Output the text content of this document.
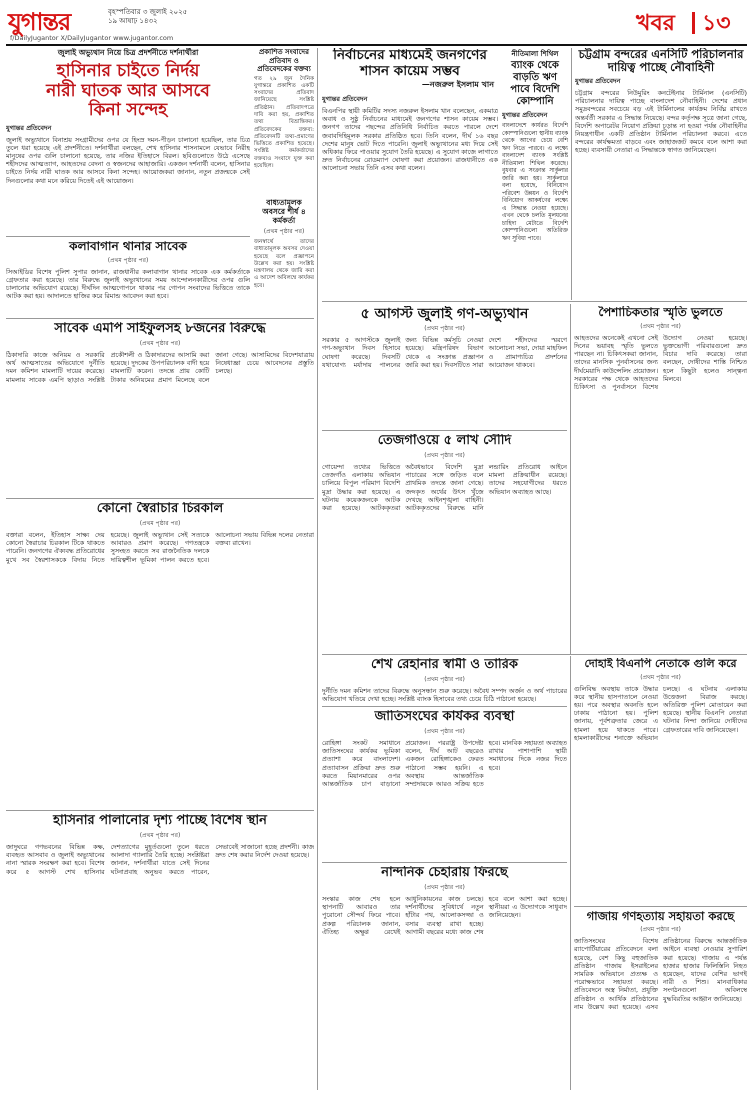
যুগান্তর	বৃহস্পতিবার ৩ জুলাই ২০২৫
১৯ আষাঢ় ১৪৩২
f/DailyJugantor X/DailyJugantor www.jugantor.com
খবর ১৩
জুলাই অভ্যুথান নিয়ে চিত্র প্রদর্শনীতে দর্শনার্থীরা
হাসিনার চাইতে নির্দয়
নারী ঘাতক আর আসবে
কিনা সন্দেহ
যুগান্তর প্রতিবেদন
জুলাই অভ্যুথানে বিনাশ্রয় সংগ্রামীদের ওপর যে হিংস্র দমন-পীড়ন চালানো হয়েছিল, তার চিত্র তুলে ধরা হয়েছে এই প্রদর্শনীতে। দর্শনার্থীরা বলছেন, শেখ হাসিনার শাসনামলে যেভাবে নিরীহ মানুষের ওপর গুলি চালানো হয়েছে, তার নজির ইতিহাসে বিরল। ছবিগুলোতে উঠে এসেছে শহীদদের আত্মত্যাগ, আহতদের বেদনা ও স্বজনদের আহাজারি। একজন দর্শনার্থী বলেন, হাসিনার চাইতে নির্দয় নারী ঘাতক আর আসবে কিনা সন্দেহ। আয়োজকরা জানান, নতুন প্রজন্মকে সেই দিনগুলোর কথা মনে করিয়ে দিতেই এই আয়োজন।
প্রকাশিত সংবাদের প্রতিবাদ ও প্রতিবেদকের বক্তব্য
গত ২৯ জুন দৈনিক যুগান্তরে প্রকাশিত একটি সংবাদের প্রতিবাদ জানিয়েছে সংশ্লিষ্ট প্রতিষ্ঠান। প্রতিবাদপত্রে দাবি করা হয়, প্রকাশিত তথ্য বিভ্রান্তিকর। প্রতিবেদকের বক্তব্য: প্রতিবেদনটি তথ্য-প্রমাণের ভিত্তিতে প্রকাশিত হয়েছে। সংশ্লিষ্ট কর্মকর্তাদের বক্তব্যও সংবাদে যুক্ত করা হয়েছিল।
বাধ্যতামূলক অবসরে শীর্ষ ৪ কর্মকর্তা
(প্রথম পৃষ্ঠার পর)
জনস্বার্থে তাদের বাধ্যতামূলক অবসর দেওয়া হয়েছে বলে প্রজ্ঞাপনে উল্লেখ করা হয়। সংশ্লিষ্ট মন্ত্রণালয় থেকে জারি করা এ আদেশ অবিলম্বে কার্যকর হবে।
কলাবাগান থানার সাবেক
(প্রথম পৃষ্ঠার পর)
সিআইডির বিশেষ পুলিশ সুপার জানান, রাজধানীর কলাবাগান থানার সাবেক এক কর্মকর্তাকে গ্রেফতার করা হয়েছে। তার বিরুদ্ধে জুলাই অভ্যুথানের সময় আন্দোলনকারীদের ওপর গুলি চালানোর অভিযোগ রয়েছে। দীর্ঘদিন আত্মগোপনে থাকার পর গোপন সংবাদের ভিত্তিতে তাকে আটক করা হয়। আদালতে হাজির করে রিমান্ড আবেদন করা হবে।
সাবেক এমপি সাইফুলসহ ৮জনের বিরুদ্ধে
(প্রথম পৃষ্ঠার পর)
ঠিকাদারি কাজে অনিয়ম ও সরকারি অর্থ আত্মসাতের অভিযোগে দুর্নীতি দমন কমিশন মামলাটি দায়ের করেছে। মামলায় সাবেক এমপি ছাড়াও সংশ্লিষ্ট প্রকৌশলী ও ঠিকাদারদের আসামি করা হয়েছে। দুদকের উপপরিচালক বাদী হয়ে মামলাটি করেন। তদন্তে প্রায় কোটি টাকার অনিয়মের প্রমাণ মিলেছে বলে জানা গেছে। আসামিদের বিদেশযাত্রায় নিষেধাজ্ঞা চেয়ে আবেদনের প্রস্তুতি চলছে।
কোনো স্বৈরাচার চিরকাল
(প্রথম পৃষ্ঠার পর)
বক্তারা বলেন, ইতিহাস সাক্ষ্য দেয় কোনো স্বৈরাচার চিরকাল টিকে থাকতে পারেনি। জনগণের ঐক্যবদ্ধ প্রতিরোধের মুখে সব স্বৈরশাসককে বিদায় নিতে হয়েছে। জুলাই অভ্যুথান সেই সত্যকে আবারও প্রমাণ করেছে। গণতন্ত্রকে সুসংহত করতে সব রাজনৈতিক দলকে দায়িত্বশীল ভূমিকা পালন করতে হবে। আলোচনা সভায় বিভিন্ন দলের নেতারা বক্তব্য রাখেন।
হাসিনার পালানোর দৃশ্য পাচ্ছে বিশেষ স্থান
(প্রথম পৃষ্ঠার পর)
জাদুঘরে গণভবনের বিভিন্ন কক্ষ, ব্যবহৃত আসবাব ও জুলাই অভ্যুথানের নানা স্মারক সংরক্ষণ করা হবে। বিশেষ করে ৫ আগস্ট শেখ হাসিনার দেশত্যাগের মুহূর্তগুলো তুলে ধরতে আলাদা গ্যালারি তৈরি হচ্ছে। সংশ্লিষ্টরা জানান, দর্শনার্থীরা যাতে সেই দিনের ঘটনাপ্রবাহ অনুভব করতে পারেন, সেভাবেই সাজানো হচ্ছে প্রদর্শনী। কাজ দ্রুত শেষ করার নির্দেশ দেওয়া হয়েছে।
নির্বাচনের মাধ্যমেই জনগণের
শাসন কায়েম সম্ভব
—নজরুল ইসলাম খান
যুগান্তর প্রতিবেদন
বিএনপির স্থায়ী কমিটির সদস্য নজরুল ইসলাম খান বলেছেন, একমাত্র অবাধ ও সুষ্ঠু নির্বাচনের মাধ্যমেই জনগণের শাসন কায়েম সম্ভব। জনগণ তাদের পছন্দের প্রতিনিধি নির্বাচিত করতে পারলে দেশে জবাবদিহিমূলক সরকার প্রতিষ্ঠিত হবে। তিনি বলেন, দীর্ঘ ১৬ বছর দেশের মানুষ ভোট দিতে পারেনি। জুলাই অভ্যুথানের মধ্য দিয়ে সেই অধিকার ফিরে পাওয়ার সুযোগ তৈরি হয়েছে। এ সুযোগ কাজে লাগাতে দ্রুত নির্বাচনের রোডম্যাপ ঘোষণা করা প্রয়োজন। রাজধানীতে এক আলোচনা সভায় তিনি এসব কথা বলেন।
নীতিমালা শিথিল
ব্যাংক থেকে বাড়তি ঋণ পাবে বিদেশি কোম্পানি
যুগান্তর প্রতিবেদন
বাংলাদেশে কার্যরত বিদেশি কোম্পানিগুলো স্থানীয় ব্যাংক থেকে আগের চেয়ে বেশি ঋণ নিতে পারবে। এ লক্ষ্যে বাংলাদেশ ব্যাংক সংশ্লিষ্ট নীতিমালা শিথিল করেছে। বুধবার এ সংক্রান্ত সার্কুলার জারি করা হয়। সার্কুলারে বলা হয়েছে, বিনিয়োগ পরিবেশ উন্নয়ন ও বিদেশি বিনিয়োগ আকর্ষণের লক্ষ্যে এ সিদ্ধান্ত নেওয়া হয়েছে। এখন থেকে চলতি মূলধনের চাহিদা মেটাতে বিদেশি কোম্পানিগুলো অতিরিক্ত ঋণ সুবিধা পাবে।
চট্টগ্রাম বন্দরের এনসিটি পরিচালনার দায়িত্ব পাচ্ছে নৌবাহিনী
যুগান্তর প্রতিবেদন
চট্টগ্রাম বন্দরের নিউমুরিং কনটেইনার টার্মিনাল (এনসিটি) পরিচালনার দায়িত্ব পাচ্ছে বাংলাদেশ নৌবাহিনী। দেশের প্রধান সমুদ্রবন্দরের সবচেয়ে বড় এই টার্মিনালের কার্যক্রম নির্বিঘ্ন রাখতে অন্তর্বর্তী সরকার এ সিদ্ধান্ত নিয়েছে। বন্দর কর্তৃপক্ষ সূত্রে জানা গেছে, বিদেশি অপারেটর নিয়োগ প্রক্রিয়া চূড়ান্ত না হওয়া পর্যন্ত নৌবাহিনীর নিয়ন্ত্রণাধীন একটি প্রতিষ্ঠান টার্মিনাল পরিচালনা করবে। এতে বন্দরের কার্যক্ষমতা বাড়বে এবং জাহাজজট কমবে বলে আশা করা হচ্ছে। ব্যবসায়ী নেতারা এ সিদ্ধান্তকে স্বাগত জানিয়েছেন।
৫ আগস্ট জুলাই গণ-অভ্যুথান
(প্রথম পৃষ্ঠার পর)
সরকার ৫ আগস্টকে জুলাই গণ-অভ্যুথান দিবস হিসাবে ঘোষণা করেছে। দিবসটি যথাযোগ্য মর্যাদায় পালনের জন্য বিভিন্ন কর্মসূচি নেওয়া হয়েছে। মন্ত্রিপরিষদ বিভাগ থেকে এ সংক্রান্ত প্রজ্ঞাপন জারি করা হয়। দিবসটিতে সারা দেশে শহীদদের স্মরণে আলোচনা সভা, দোয়া মাহফিল ও প্রামাণ্যচিত্র প্রদর্শনের আয়োজন থাকবে।
তেজগাঁওয়ে ৫ লাখ সৌদি
(প্রথম পৃষ্ঠার পর)
গোয়েন্দা তথ্যের ভিত্তিতে তেজগাঁও এলাকায় অভিযান চালিয়ে বিপুল পরিমাণ বিদেশি মুদ্রা উদ্ধার করা হয়েছে। এ ঘটনায় কয়েকজনকে আটক করা হয়েছে। আটককৃতরা অবৈধভাবে বিদেশি মুদ্রা পাচারের সঙ্গে জড়িত বলে প্রাথমিক তদন্তে জানা গেছে। জব্দকৃত অর্থের উৎস খুঁজে দেখছে আইনশৃঙ্খলা বাহিনী। আটককৃতদের বিরুদ্ধে মানি লন্ডারিং প্রতিরোধ আইনে মামলা প্রক্রিয়াধীন রয়েছে। তাদের সহযোগীদের ধরতে অভিযান অব্যাহত আছে।
পৈশাচিকতার স্মৃতি ভুলতে
(প্রথম পৃষ্ঠার পর)
আহতদের অনেকেই এখনো সেই দিনের ভয়াবহ স্মৃতি ভুলতে পারছেন না। চিকিৎসকরা জানান, তাদের মানসিক পুনর্বাসনের জন্য দীর্ঘমেয়াদি কাউন্সেলিং প্রয়োজন। সরকারের পক্ষ থেকে আহতদের চিকিৎসা ও পুনর্বাসনে বিশেষ উদ্যোগ নেওয়া হয়েছে। ভুক্তভোগী পরিবারগুলো দ্রুত বিচার দাবি করেছে। তারা বলছেন, দোষীদের শাস্তি নিশ্চিত হলে কিছুটা হলেও সান্ত্বনা মিলবে।
শেখ রেহানার স্বামী ও তারিক
(প্রথম পৃষ্ঠার পর)
দুর্নীতি দমন কমিশন তাদের বিরুদ্ধে অনুসন্ধান শুরু করেছে। অবৈধ সম্পদ অর্জন ও অর্থ পাচারের অভিযোগ খতিয়ে দেখা হচ্ছে। সংশ্লিষ্ট ব্যাংক হিসাবের তথ্য চেয়ে চিঠি পাঠানো হয়েছে।
দোহাই বিএনপি নেতাকে গুলি করে
(প্রথম পৃষ্ঠার পর)
গুলিবিদ্ধ অবস্থায় তাকে উদ্ধার করে স্থানীয় হাসপাতালে নেওয়া হয়। পরে অবস্থার অবনতি হলে ঢাকায় পাঠানো হয়। পুলিশ জানায়, পূর্বশত্রুতার জেরে এ হামলা হয়ে থাকতে পারে। হামলাকারীদের শনাক্তে অভিযান চলছে। এ ঘটনায় এলাকায় উত্তেজনা বিরাজ করছে। অতিরিক্ত পুলিশ মোতায়েন করা হয়েছে। স্থানীয় বিএনপি নেতারা ঘটনার নিন্দা জানিয়ে দোষীদের গ্রেফতারের দাবি জানিয়েছেন।
জাতিসংঘের কার্যকর ব্যবস্থা
(প্রথম পৃষ্ঠার পর)
রোহিঙ্গা সংকট সমাধানে জাতিসংঘের কার্যকর ভূমিকা প্রত্যাশা করে বাংলাদেশ। প্রত্যাবাসন প্রক্রিয়া দ্রুত শুরু করতে মিয়ানমারের ওপর আন্তর্জাতিক চাপ বাড়ানো প্রয়োজন। পররাষ্ট্র উপদেষ্টা বলেন, দীর্ঘ আট বছরেও একজন রোহিঙ্গাকেও ফেরত পাঠানো সম্ভব হয়নি। এ অবস্থায় আন্তর্জাতিক সম্প্রদায়কে আরও সক্রিয় হতে হবে। মানবিক সহায়তা অব্যাহত রাখার পাশাপাশি স্থায়ী সমাধানের দিকে নজর দিতে হবে।
নান্দনিক চেহারায় ফিরছে
(প্রথম পৃষ্ঠার পর)
সংস্কার কাজ শেষ হলে স্থাপনাটি আবারও তার পুরোনো সৌন্দর্য ফিরে পাবে। প্রকল্প পরিচালক জানান, ঐতিহ্য অক্ষুণ্ণ রেখেই আধুনিকায়নের কাজ চলছে। দর্শনার্থীদের সুবিধার্থে নতুন হাঁটার পথ, আলোকসজ্জা ও বসার ব্যবস্থা রাখা হচ্ছে। আগামী বছরের মধ্যে কাজ শেষ হবে বলে আশা করা হচ্ছে। স্থানীয়রা এ উদ্যোগকে সাধুবাদ জানিয়েছেন।	গাজায় গণহত্যায় সহায়তা করছে
(প্রথম পৃষ্ঠার পর)
জাতিসংঘের বিশেষ র‍্যাপোর্টিয়ারের প্রতিবেদনে বলা হয়েছে, বেশ কিছু বহুজাতিক প্রতিষ্ঠান গাজায় ইসরাইলের সামরিক অভিযানে প্রত্যক্ষ ও পরোক্ষভাবে সহায়তা করছে। প্রতিবেদনে অস্ত্র নির্মাতা, প্রযুক্তি প্রতিষ্ঠান ও আর্থিক প্রতিষ্ঠানের নাম উল্লেখ করা হয়েছে। এসব প্রতিষ্ঠানের বিরুদ্ধে আন্তর্জাতিক আইনে ব্যবস্থা নেওয়ার সুপারিশ করা হয়েছে। গাজায় এ পর্যন্ত হাজার হাজার ফিলিস্তিনি নিহত হয়েছেন, যাদের বেশির ভাগই নারী ও শিশু। মানবাধিকার সংগঠনগুলো অবিলম্বে যুদ্ধবিরতির আহ্বান জানিয়েছে।
